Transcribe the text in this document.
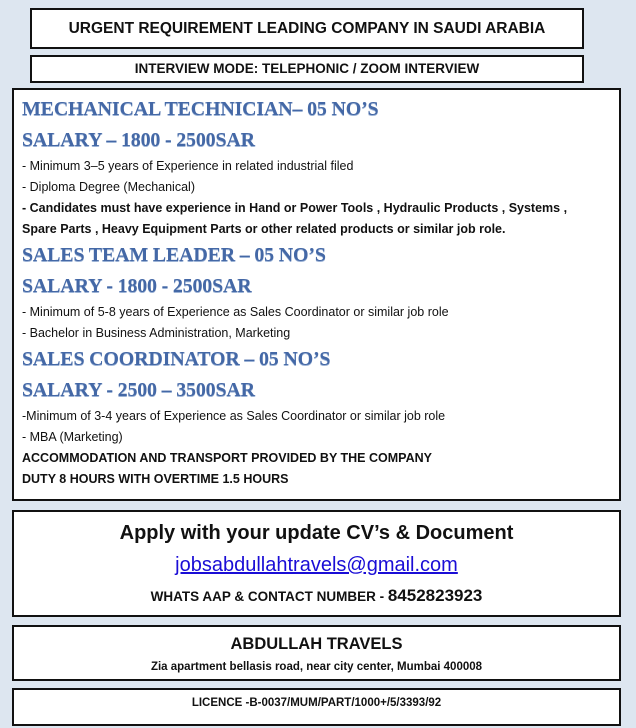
URGENT REQUIREMENT LEADING COMPANY IN SAUDI ARABIA
INTERVIEW MODE: TELEPHONIC / ZOOM INTERVIEW
MECHANICAL TECHNICIAN– 05 NO’S
SALARY – 1800 - 2500SAR
- Minimum 3–5 years of Experience in related industrial filed
- Diploma Degree (Mechanical)
- Candidates must have experience in Hand or Power Tools , Hydraulic Products , Systems ,
Spare Parts , Heavy Equipment Parts or other related products or similar job role.
SALES TEAM LEADER – 05 NO’S
SALARY - 1800 - 2500SAR
- Minimum of 5-8 years of Experience as Sales Coordinator or similar job role
- Bachelor in Business Administration, Marketing
SALES COORDINATOR – 05 NO’S
SALARY - 2500 – 3500SAR
-Minimum of 3-4 years of Experience as Sales Coordinator or similar job role
- MBA (Marketing)
ACCOMMODATION AND TRANSPORT PROVIDED BY THE COMPANY
DUTY 8 HOURS WITH OVERTIME 1.5 HOURS
Apply with your update CV’s & Document
jobsabdullahtravels@gmail.com
WHATS AAP & CONTACT NUMBER - 8452823923
ABDULLAH TRAVELS
Zia apartment bellasis road, near city center, Mumbai 400008
LICENCE -B-0037/MUM/PART/1000+/5/3393/92
